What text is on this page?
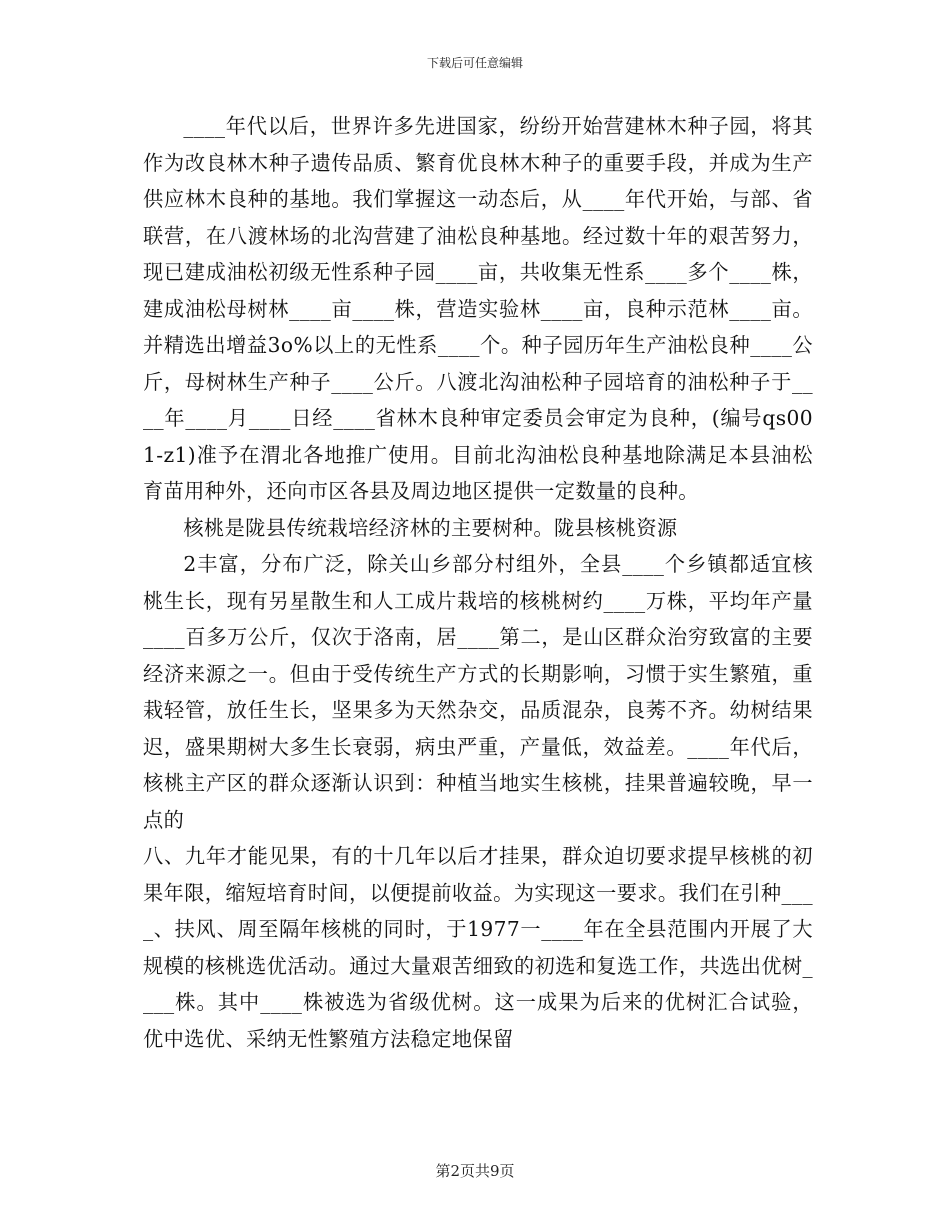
下载后可任意编辑

____年代以后，世界许多先进国家，纷纷开始营建林木种子园，将其作为改良林木种子遗传品质、繁育优良林木种子的重要手段，并成为生产供应林木良种的基地。我们掌握这一动态后，从____年代开始，与部、省联营，在八渡林场的北沟营建了油松良种基地。经过数十年的艰苦努力，现已建成油松初级无性系种子园____亩，共收集无性系____多个____株，建成油松母树林____亩____株，营造实验林____亩，良种示范林____亩。并精选出增益3o%以上的无性系____个。种子园历年生产油松良种____公斤，母树林生产种子____公斤。八渡北沟油松种子园培育的油松种子于____年____月____日经____省林木良种审定委员会审定为良种，(编号qs001-z1)准予在渭北各地推广使用。目前北沟油松良种基地除满足本县油松育苗用种外，还向市区各县及周边地区提供一定数量的良种。

核桃是陇县传统栽培经济林的主要树种。陇县核桃资源

2丰富，分布广泛，除关山乡部分村组外，全县____个乡镇都适宜核桃生长，现有另星散生和人工成片栽培的核桃树约____万株，平均年产量____百多万公斤，仅次于洛南，居____第二，是山区群众治穷致富的主要经济来源之一。但由于受传统生产方式的长期影响，习惯于实生繁殖，重栽轻管，放任生长，坚果多为天然杂交，品质混杂，良莠不齐。幼树结果迟，盛果期树大多生长衰弱，病虫严重，产量低，效益差。____年代后，核桃主产区的群众逐渐认识到：种植当地实生核桃，挂果普遍较晚，早一点的

八、九年才能见果，有的十几年以后才挂果，群众迫切要求提早核桃的初果年限，缩短培育时间，以便提前收益。为实现这一要求。我们在引种____、扶风、周至隔年核桃的同时，于1977一____年在全县范围内开展了大规模的核桃选优活动。通过大量艰苦细致的初选和复选工作，共选出优树____株。其中____株被选为省级优树。这一成果为后来的优树汇合试验，优中选优、采纳无性繁殖方法稳定地保留

第2页共9页
